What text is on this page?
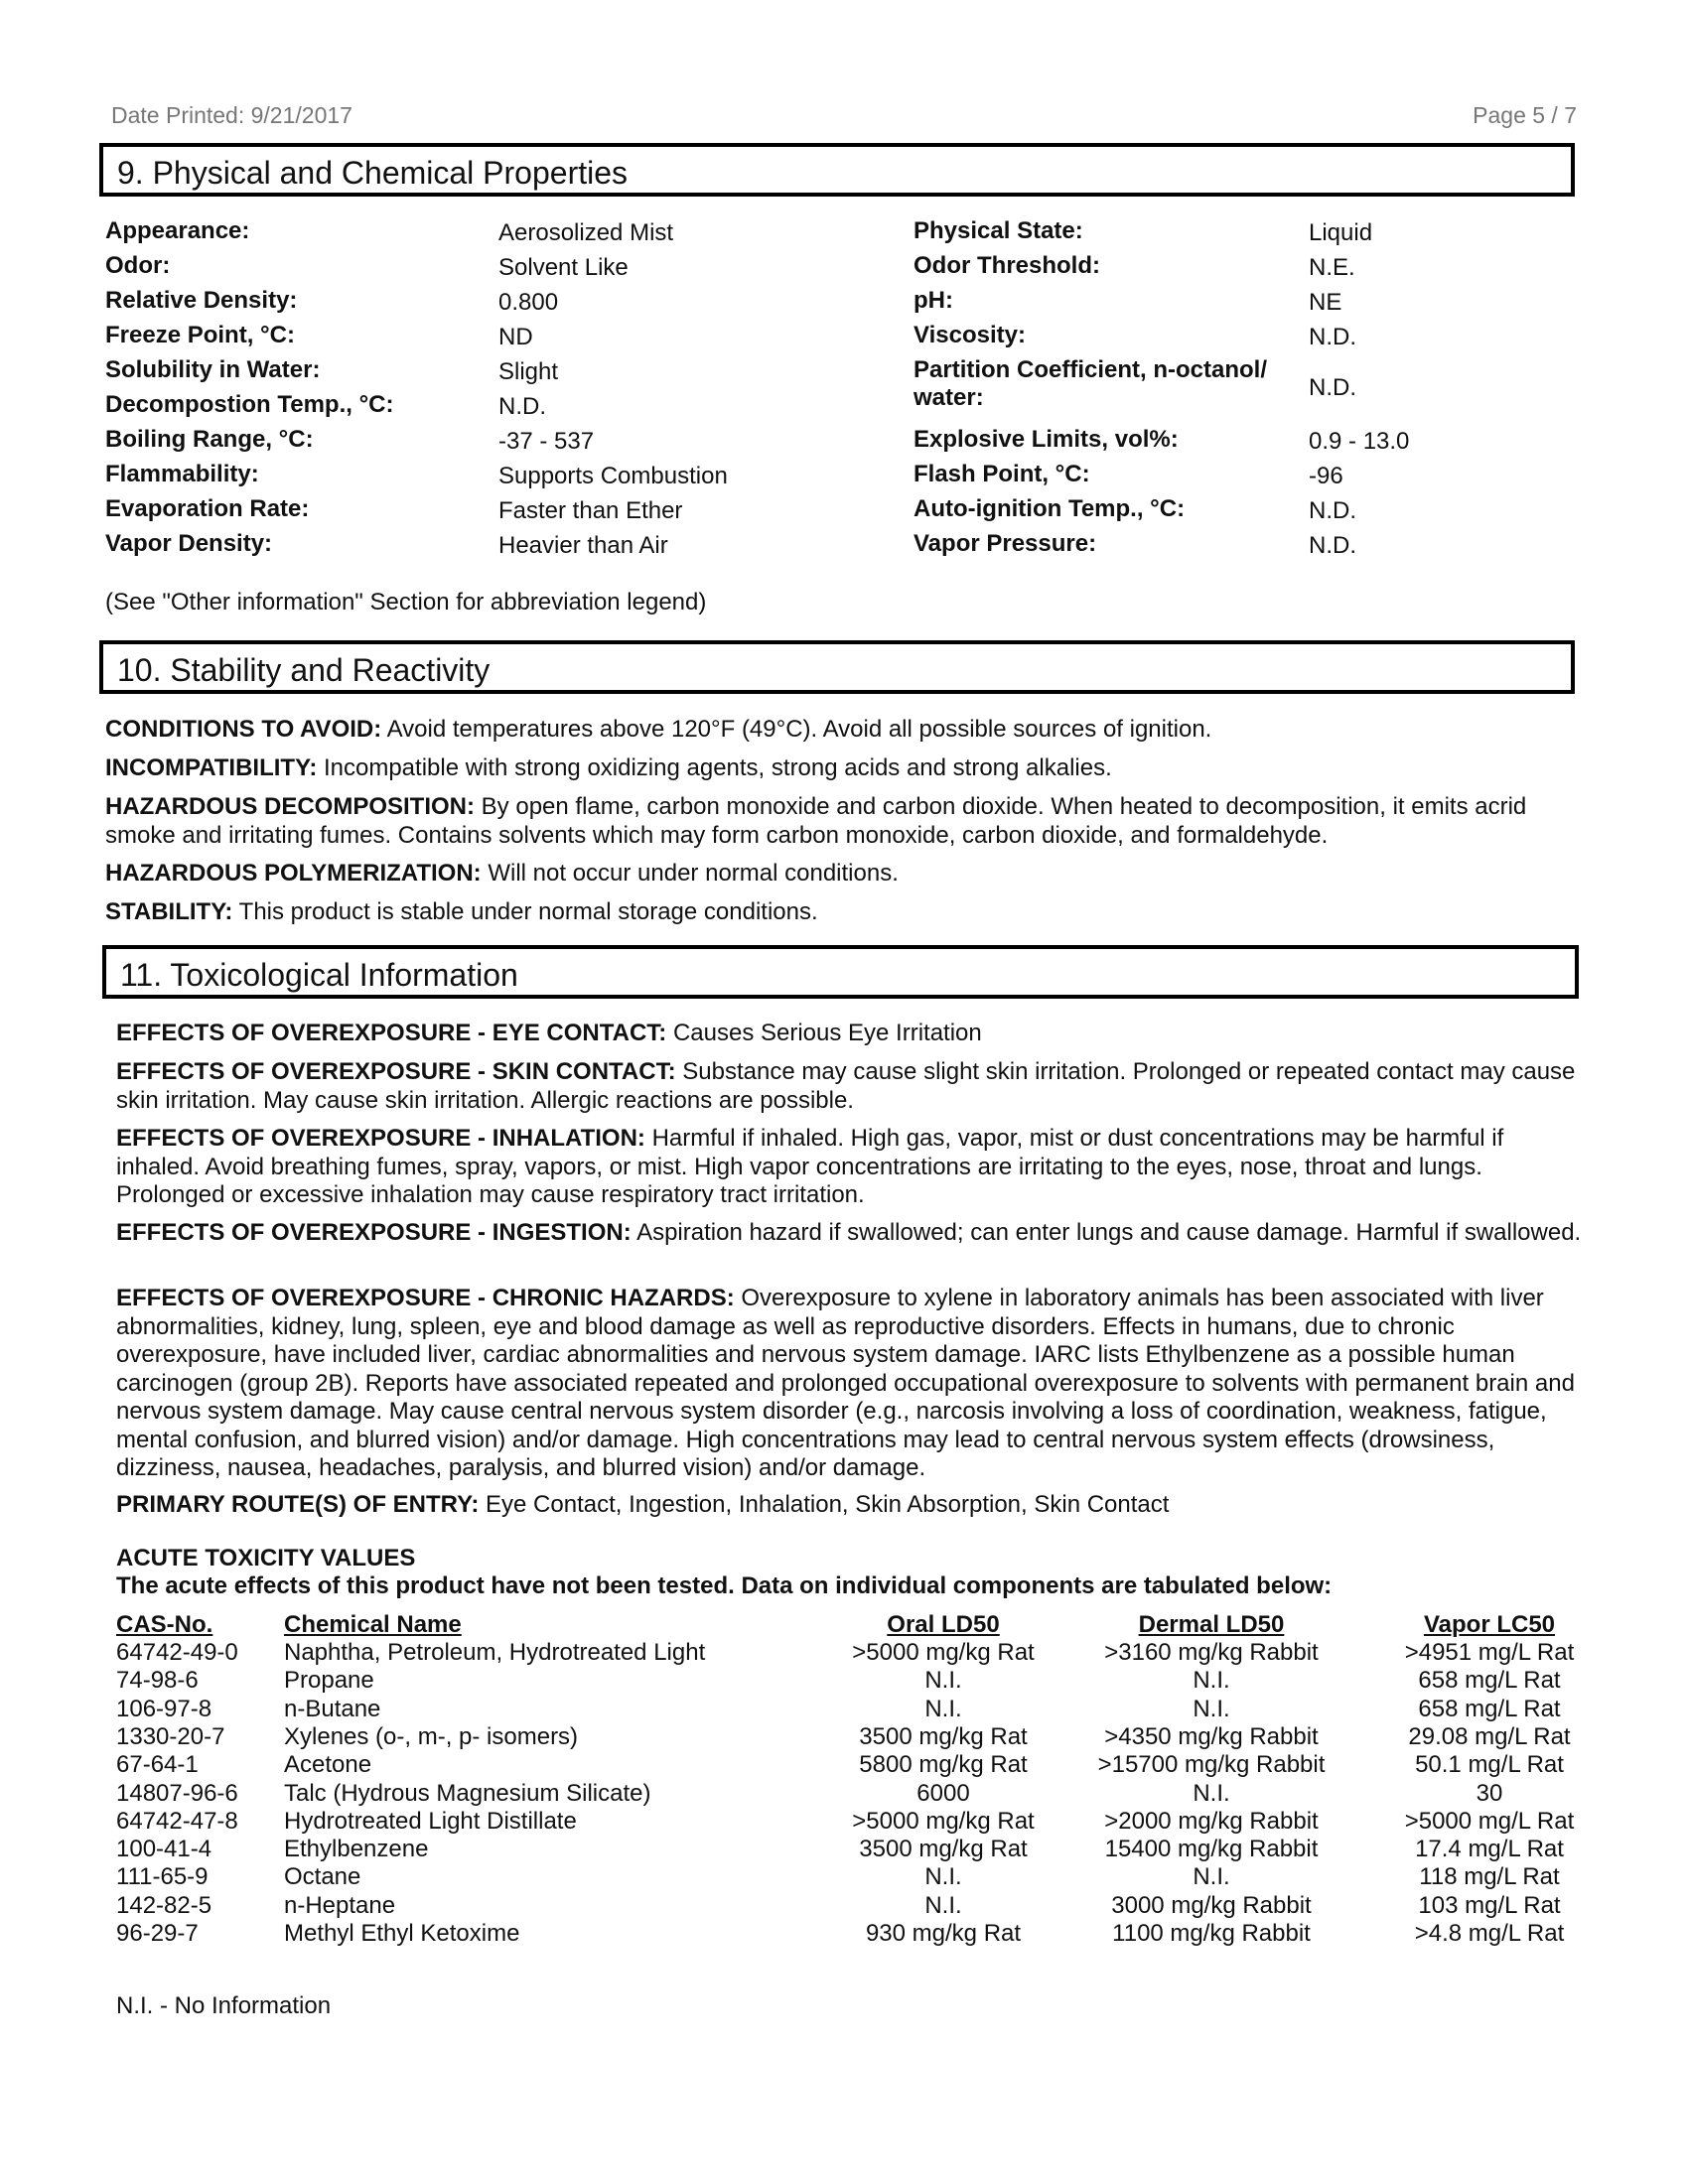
Date Printed: 9/21/2017	Page 5 / 7
9. Physical and Chemical Properties
Appearance:	Aerosolized Mist
Odor:	Solvent Like
Relative Density:	0.800
Freeze Point, °C:	ND
Solubility in Water:	Slight
Decompostion Temp., °C:	N.D.
Boiling Range, °C:	-37 - 537
Flammability:	Supports Combustion
Evaporation Rate:	Faster than Ether
Vapor Density:	Heavier than Air
Physical State:	Liquid
Odor Threshold:	N.E.
pH:	NE
Viscosity:	N.D.
Partition Coefficient, n-octanol/
water:	N.D.
Explosive Limits, vol%:	0.9 - 13.0
Flash Point, °C:	-96
Auto-ignition Temp., °C:	N.D.
Vapor Pressure:	N.D.
(See "Other information" Section for abbreviation legend)
10. Stability and Reactivity
CONDITIONS TO AVOID: Avoid temperatures above 120°F (49°C). Avoid all possible sources of ignition.
INCOMPATIBILITY: Incompatible with strong oxidizing agents, strong acids and strong alkalies.
HAZARDOUS DECOMPOSITION: By open flame, carbon monoxide and carbon dioxide. When heated to decomposition, it emits acrid smoke and irritating fumes. Contains solvents which may form carbon monoxide, carbon dioxide, and formaldehyde.
HAZARDOUS POLYMERIZATION: Will not occur under normal conditions.
STABILITY: This product is stable under normal storage conditions.
11. Toxicological Information
EFFECTS OF OVEREXPOSURE - EYE CONTACT: Causes Serious Eye Irritation
EFFECTS OF OVEREXPOSURE - SKIN CONTACT: Substance may cause slight skin irritation. Prolonged or repeated contact may cause skin irritation. May cause skin irritation. Allergic reactions are possible.
EFFECTS OF OVEREXPOSURE - INHALATION: Harmful if inhaled. High gas, vapor, mist or dust concentrations may be harmful if inhaled. Avoid breathing fumes, spray, vapors, or mist. High vapor concentrations are irritating to the eyes, nose, throat and lungs. Prolonged or excessive inhalation may cause respiratory tract irritation.
EFFECTS OF OVEREXPOSURE - INGESTION: Aspiration hazard if swallowed; can enter lungs and cause damage. Harmful if swallowed.
EFFECTS OF OVEREXPOSURE - CHRONIC HAZARDS: Overexposure to xylene in laboratory animals has been associated with liver abnormalities, kidney, lung, spleen, eye and blood damage as well as reproductive disorders. Effects in humans, due to chronic overexposure, have included liver, cardiac abnormalities and nervous system damage. IARC lists Ethylbenzene as a possible human carcinogen (group 2B). Reports have associated repeated and prolonged occupational overexposure to solvents with permanent brain and nervous system damage. May cause central nervous system disorder (e.g., narcosis involving a loss of coordination, weakness, fatigue, mental confusion, and blurred vision) and/or damage. High concentrations may lead to central nervous system effects (drowsiness, dizziness, nausea, headaches, paralysis, and blurred vision) and/or damage.
PRIMARY ROUTE(S) OF ENTRY: Eye Contact, Ingestion, Inhalation, Skin Absorption, Skin Contact
ACUTE TOXICITY VALUES
The acute effects of this product have not been tested. Data on individual components are tabulated below:
CAS-No.	Chemical Name	Oral LD50	Dermal LD50	Vapor LC50
64742-49-0 Naphtha, Petroleum, Hydrotreated Light	>5000 mg/kg Rat	>3160 mg/kg Rabbit	>4951 mg/L Rat
74-98-6	Propane	N.I.	N.I.	658 mg/L Rat
106-97-8	n-Butane	N.I.	N.I.	658 mg/L Rat
1330-20-7 Xylenes (o-, m-, p- isomers)	3500 mg/kg Rat	>4350 mg/kg Rabbit	29.08 mg/L Rat
67-64-1	Acetone	5800 mg/kg Rat	>15700 mg/kg Rabbit	50.1 mg/L Rat
14807-96-6 Talc (Hydrous Magnesium Silicate)	6000	N.I.	30
64742-47-8 Hydrotreated Light Distillate	>5000 mg/kg Rat	>2000 mg/kg Rabbit	>5000 mg/L Rat
100-41-4	Ethylbenzene	3500 mg/kg Rat	15400 mg/kg Rabbit	17.4 mg/L Rat
111-65-9	Octane	N.I.	N.I.	118 mg/L Rat
142-82-5	n-Heptane	N.I.	3000 mg/kg Rabbit	103 mg/L Rat
96-29-7	Methyl Ethyl Ketoxime	930 mg/kg Rat	1100 mg/kg Rabbit	>4.8 mg/L Rat
N.I. - No Information
